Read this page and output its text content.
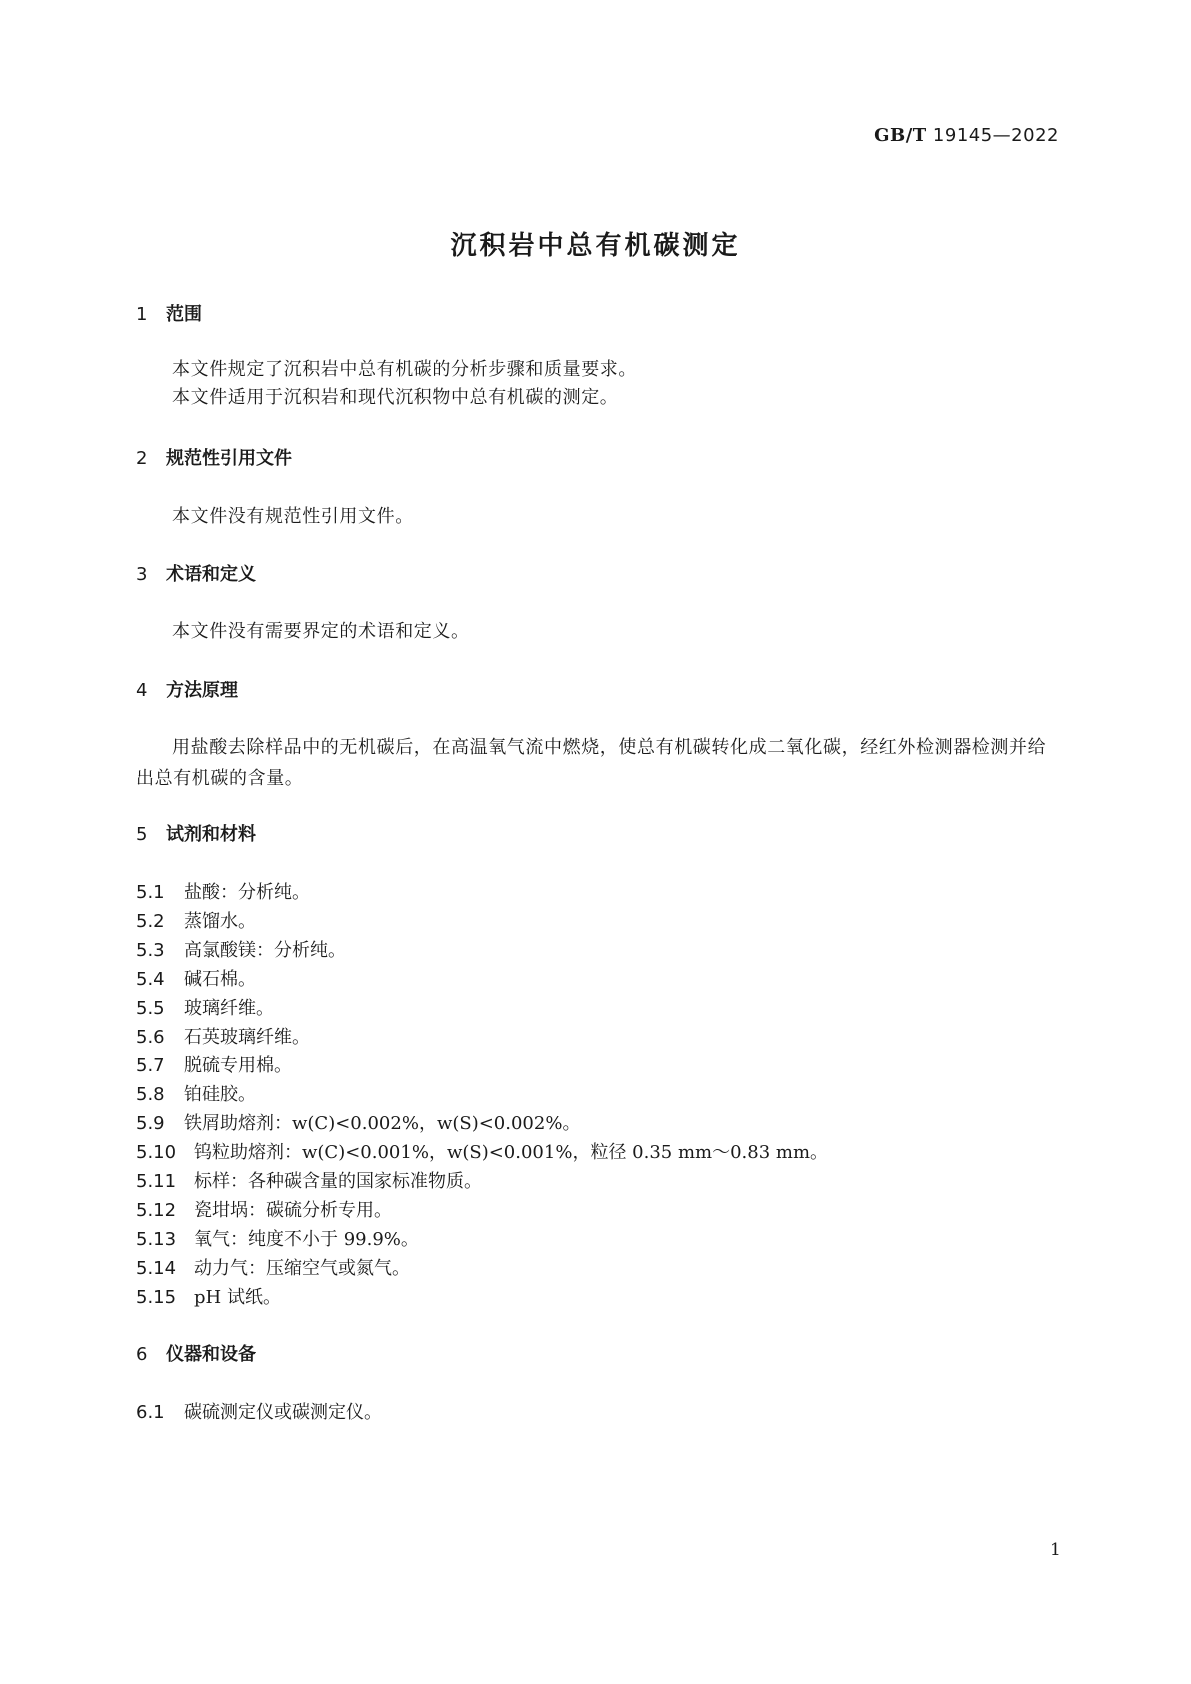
GB/T 19145—2022
沉积岩中总有机碳测定
1 范围
本文件规定了沉积岩中总有机碳的分析步骤和质量要求。
本文件适用于沉积岩和现代沉积物中总有机碳的测定。
2 规范性引用文件
本文件没有规范性引用文件。
3 术语和定义
本文件没有需要界定的术语和定义。
4 方法原理
用盐酸去除样品中的无机碳后，在高温氧气流中燃烧，使总有机碳转化成二氧化碳，经红外检测器检测并给出总有机碳的含量。
5 试剂和材料
5.1 盐酸：分析纯。
5.2 蒸馏水。
5.3 高氯酸镁：分析纯。
5.4 碱石棉。
5.5 玻璃纤维。
5.6 石英玻璃纤维。
5.7 脱硫专用棉。
5.8 铂硅胶。
5.9 铁屑助熔剂：w(C)<0.002%，w(S)<0.002%。
5.10 钨粒助熔剂：w(C)<0.001%，w(S)<0.001%，粒径 0.35 mm～0.83 mm。
5.11 标样：各种碳含量的国家标准物质。
5.12 瓷坩埚：碳硫分析专用。
5.13 氧气：纯度不小于 99.9%。
5.14 动力气：压缩空气或氮气。
5.15 pH 试纸。
6 仪器和设备
6.1 碳硫测定仪或碳测定仪。
1
